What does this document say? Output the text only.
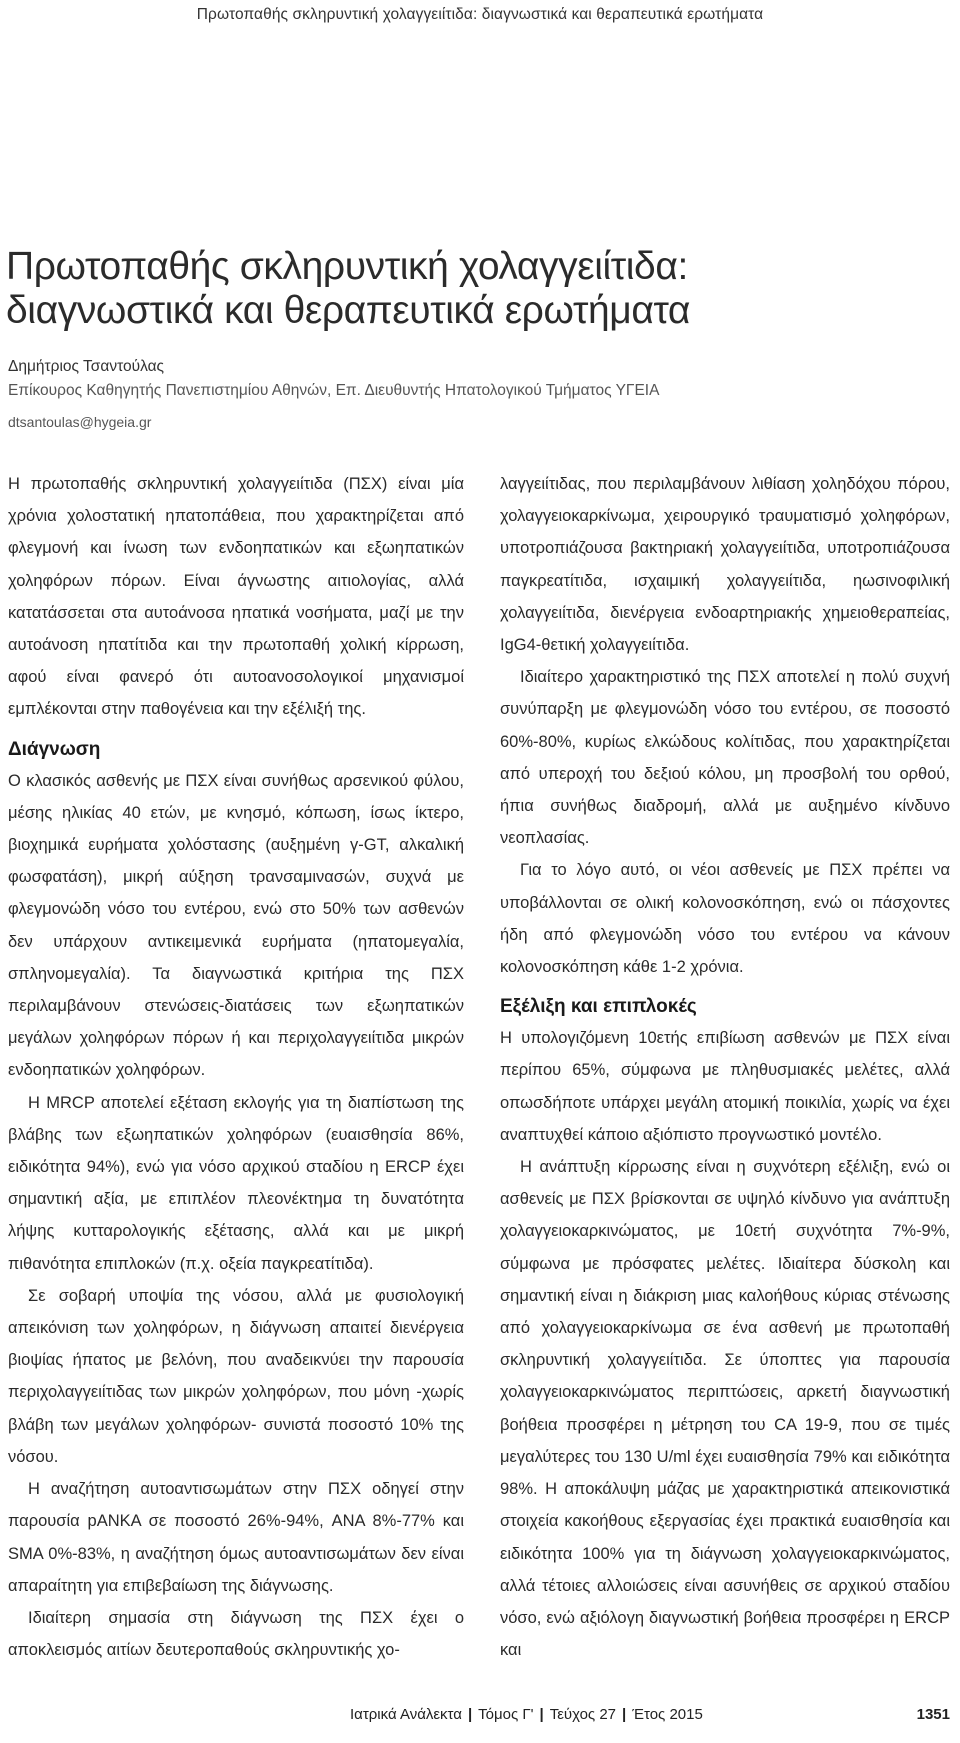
Πρωτοπαθής σκληρυντική χολαγγειίτιδα: διαγνωστικά και θεραπευτικά ερωτήματα
Πρωτοπαθής σκληρυντική χολαγγειίτιδα:
διαγνωστικά και θεραπευτικά ερωτήματα
Δημήτριος Τσαντούλας
Επίκουρος Καθηγητής Πανεπιστημίου Αθηνών, Επ. Διευθυντής Ηπατολογικού Τμήματος ΥΓΕΙΑ
dtsantoulas@hygeia.gr

Η πρωτοπαθής σκληρυντική χολαγγειίτιδα (ΠΣΧ) είναι μία χρόνια χολοστατική ηπατοπάθεια, που χαρακτηρίζεται από φλεγμονή και ίνωση των ενδοηπατικών και εξωηπατικών χοληφόρων πόρων. Είναι άγνωστης αιτιολογίας, αλλά κατατάσσεται στα αυτοάνοσα ηπατικά νοσήματα, μαζί με την αυτοάνοση ηπατίτιδα και την πρωτοπαθή χολική κίρρωση, αφού είναι φανερό ότι αυτοανοσολογικοί μηχανισμοί εμπλέκονται στην παθογένεια και την εξέλιξή της.

Διάγνωση

Ο κλασικός ασθενής με ΠΣΧ είναι συνήθως αρσενικού φύλου, μέσης ηλικίας 40 ετών, με κνησμό, κόπωση, ίσως ίκτερο, βιοχημικά ευρήματα χολόστασης (αυξημένη γ-GT, αλκαλική φωσφατάση), μικρή αύξηση τρανσαμινασών, συχνά με φλεγμονώδη νόσο του εντέρου, ενώ στο 50% των ασθενών δεν υπάρχουν αντικειμενικά ευρήματα (ηπατομεγαλία, σπληνομεγαλία). Τα διαγνωστικά κριτήρια της ΠΣΧ περιλαμβάνουν στενώσεις-διατάσεις των εξωηπατικών μεγάλων χοληφόρων πόρων ή και περιχολαγγειίτιδα μικρών ενδοηπατικών χοληφόρων.

Η MRCP αποτελεί εξέταση εκλογής για τη διαπίστωση της βλάβης των εξωηπατικών χοληφόρων (ευαισθησία 86%, ειδικότητα 94%), ενώ για νόσο αρχικού σταδίου η ERCP έχει σημαντική αξία, με επιπλέον πλεονέκτημα τη δυνατότητα λήψης κυτταρολογικής εξέτασης, αλλά και με μικρή πιθανότητα επιπλοκών (π.χ. οξεία παγκρεατίτιδα).

Σε σοβαρή υποψία της νόσου, αλλά με φυσιολογική απεικόνιση των χοληφόρων, η διάγνωση απαιτεί διενέργεια βιοψίας ήπατος με βελόνη, που αναδεικνύει την παρουσία περιχολαγγειίτιδας των μικρών χοληφόρων, που μόνη -χωρίς βλάβη των μεγάλων χοληφόρων- συνιστά ποσοστό 10% της νόσου.

Η αναζήτηση αυτοαντισωμάτων στην ΠΣΧ οδηγεί στην παρουσία pANKA σε ποσοστό 26%-94%, ANA 8%-77% και SMA 0%-83%, η αναζήτηση όμως αυτοαντισωμάτων δεν είναι απαραίτητη για επιβεβαίωση της διάγνωσης.

Ιδιαίτερη σημασία στη διάγνωση της ΠΣΧ έχει ο αποκλεισμός αιτίων δευτεροπαθούς σκληρυντικής χο-

λαγγειίτιδας, που περιλαμβάνουν λιθίαση χοληδόχου πόρου, χολαγγειοκαρκίνωμα, χειρουργικό τραυματισμό χοληφόρων, υποτροπιάζουσα βακτηριακή χολαγγειίτιδα, υποτροπιάζουσα παγκρεατίτιδα, ισχαιμική χολαγγειίτιδα, ηωσινοφιλική χολαγγειίτιδα, διενέργεια ενδοαρτηριακής χημειοθεραπείας, IgG4-θετική χολαγγειίτιδα.

Ιδιαίτερο χαρακτηριστικό της ΠΣΧ αποτελεί η πολύ συχνή συνύπαρξη με φλεγμονώδη νόσο του εντέρου, σε ποσοστό 60%-80%, κυρίως ελκώδους κολίτιδας, που χαρακτηρίζεται από υπεροχή του δεξιού κόλου, μη προσβολή του ορθού, ήπια συνήθως διαδρομή, αλλά με αυξημένο κίνδυνο νεοπλασίας.

Για το λόγο αυτό, οι νέοι ασθενείς με ΠΣΧ πρέπει να υποβάλλονται σε ολική κολονοσκόπηση, ενώ οι πάσχοντες ήδη από φλεγμονώδη νόσο του εντέρου να κάνουν κολονοσκόπηση κάθε 1-2 χρόνια.

Εξέλιξη και επιπλοκές

Η υπολογιζόμενη 10ετής επιβίωση ασθενών με ΠΣΧ είναι περίπου 65%, σύμφωνα με πληθυσμιακές μελέτες, αλλά οπωσδήποτε υπάρχει μεγάλη ατομική ποικιλία, χωρίς να έχει αναπτυχθεί κάποιο αξιόπιστο προγνωστικό μοντέλο.

Η ανάπτυξη κίρρωσης είναι η συχνότερη εξέλιξη, ενώ οι ασθενείς με ΠΣΧ βρίσκονται σε υψηλό κίνδυνο για ανάπτυξη χολαγγειοκαρκινώματος, με 10ετή συχνότητα 7%-9%, σύμφωνα με πρόσφατες μελέτες. Ιδιαίτερα δύσκολη και σημαντική είναι η διάκριση μιας καλοήθους κύριας στένωσης από χολαγγειοκαρκίνωμα σε ένα ασθενή με πρωτοπαθή σκληρυντική χολαγγειίτιδα. Σε ύποπτες για παρουσία χολαγγειοκαρκινώματος περιπτώσεις, αρκετή διαγνωστική βοήθεια προσφέρει η μέτρηση του CA 19-9, που σε τιμές μεγαλύτερες του 130 U/ml έχει ευαισθησία 79% και ειδικότητα 98%. Η αποκάλυψη μάζας με χαρακτηριστικά απεικονιστικά στοιχεία κακοήθους εξεργασίας έχει πρακτικά ευαισθησία και ειδικότητα 100% για τη διάγνωση χολαγγειοκαρκινώματος, αλλά τέτοιες αλλοιώσεις είναι ασυνήθεις σε αρχικού σταδίου νόσο, ενώ αξιόλογη διαγνωστική βοήθεια προσφέρει η ERCP και

Ιατρικά Ανάλεκτα | Τόμος Γ' | Τεύχος 27 | Έτος 2015	1351
